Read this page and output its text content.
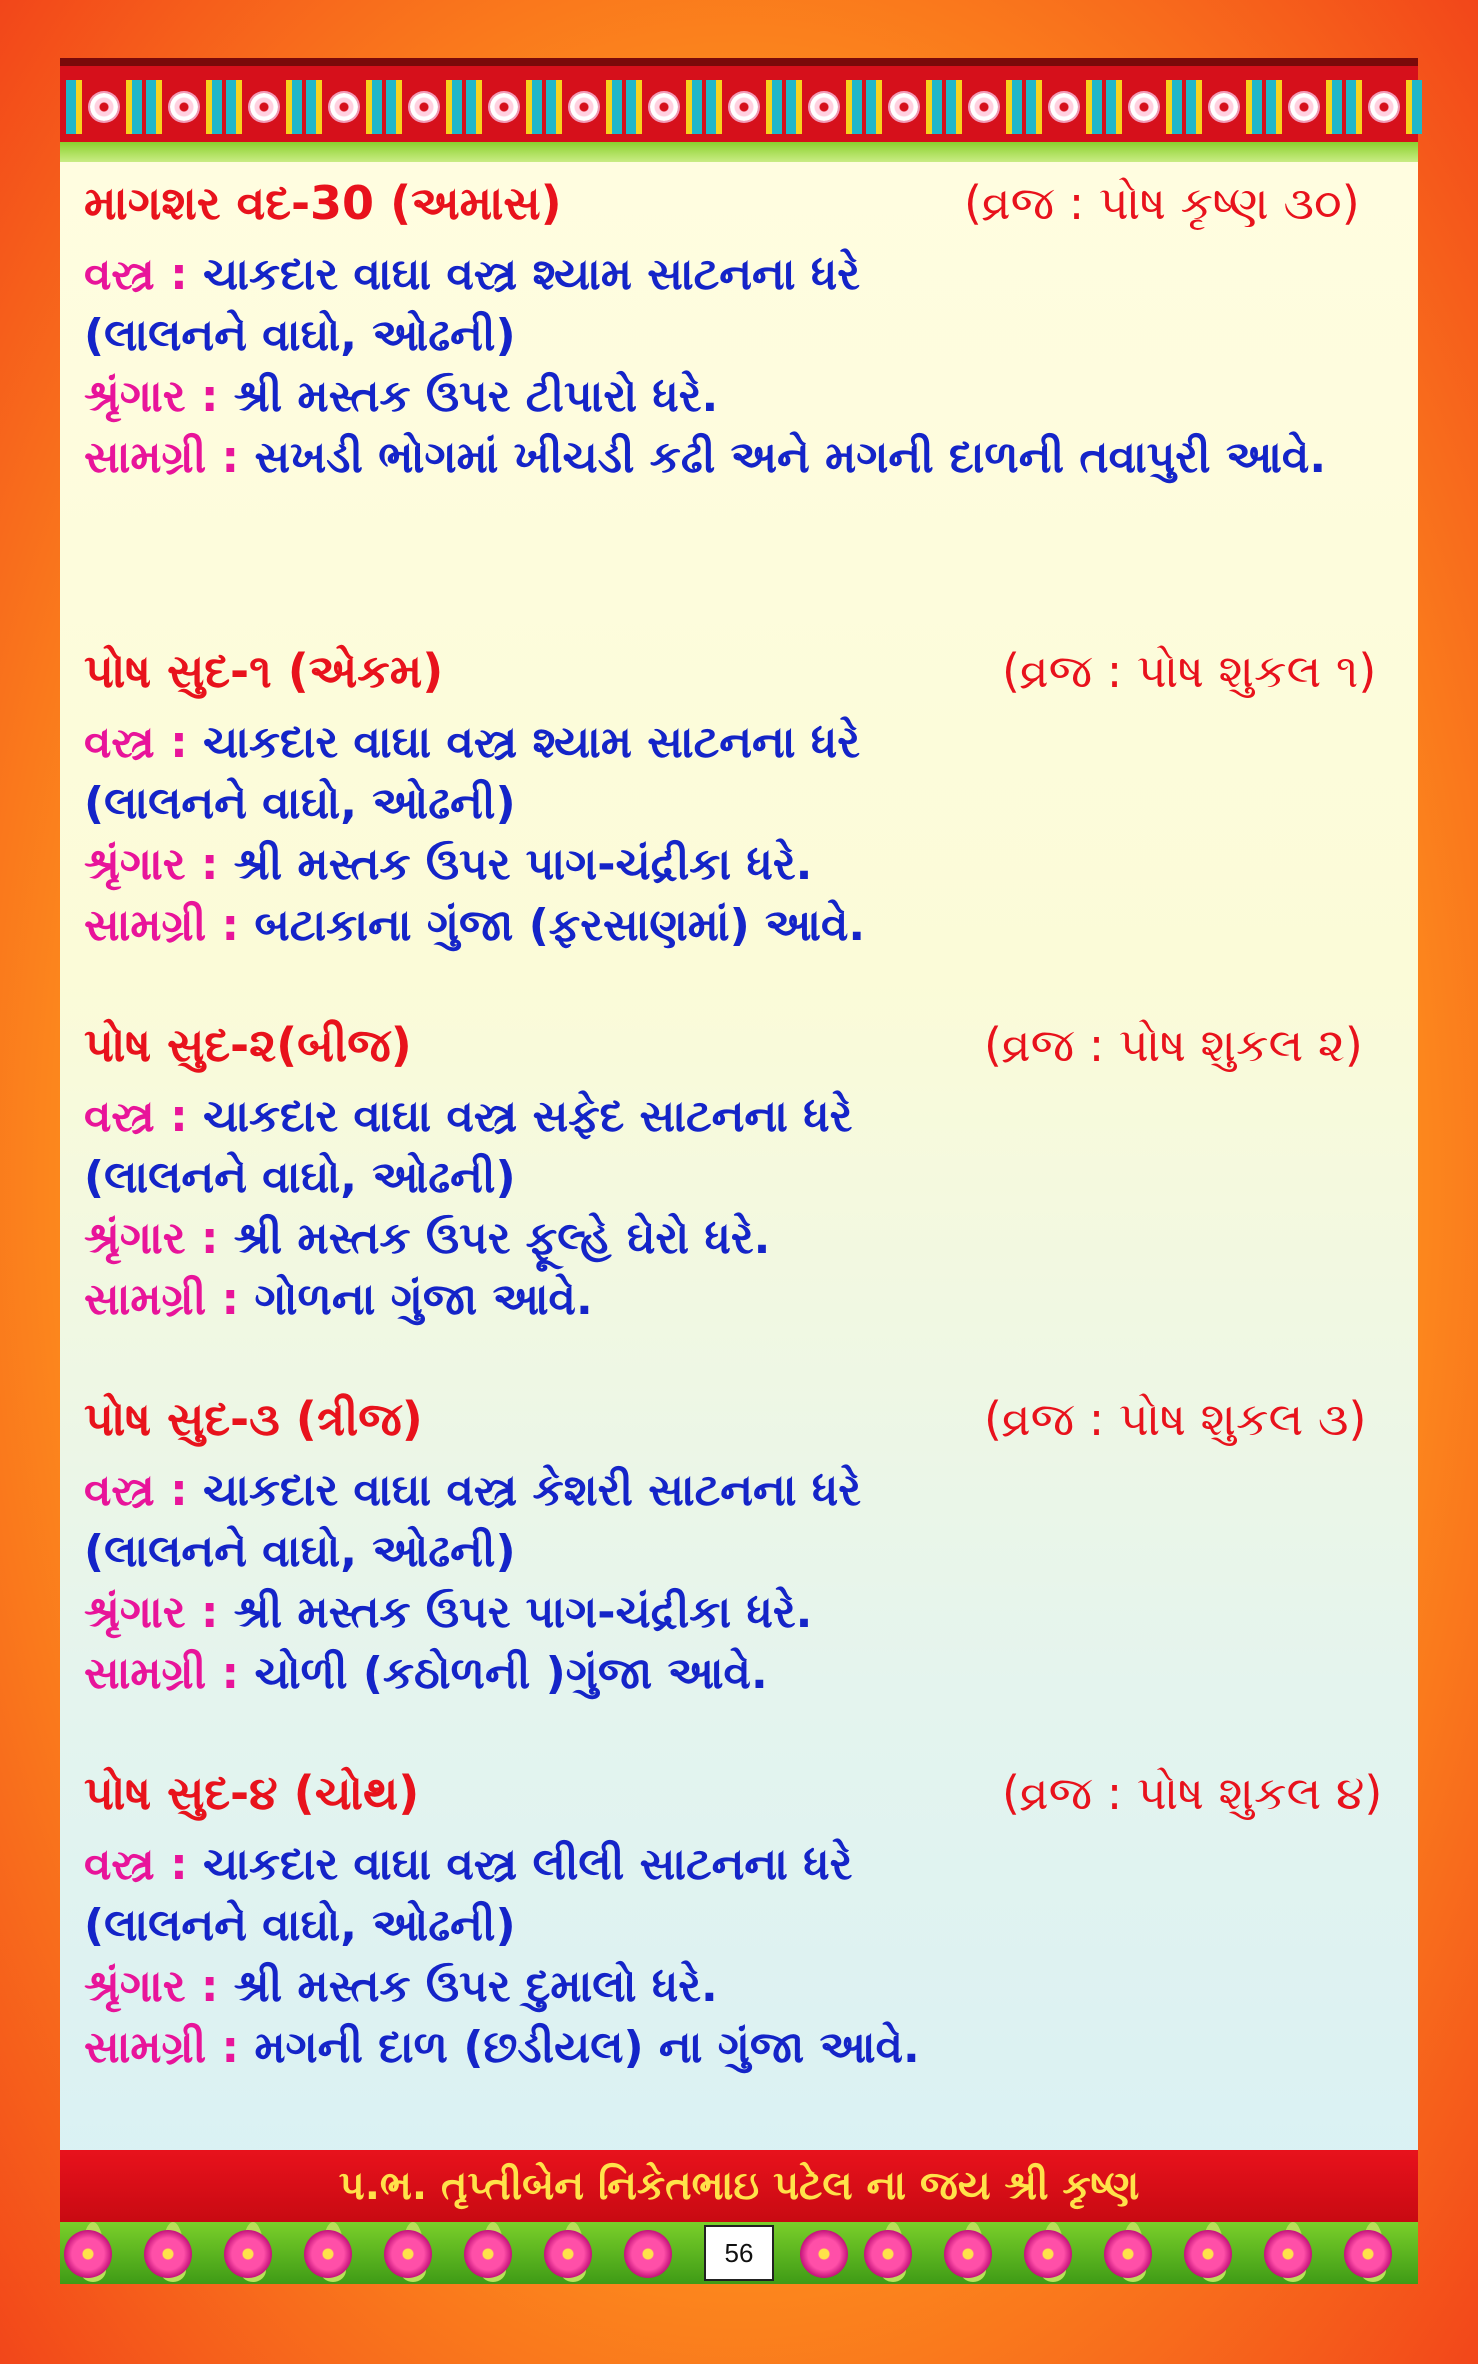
માગશર વદ-30 (અમાસ)	(વ્રજ : પોષ કૃષ્ણ ૩૦)
વસ્ત્ર : ચાકદાર વાઘા વસ્ત્ર શ્યામ સાટનના ધરે
(લાલનને વાઘો, ઓઢની)
શ્રૃંગાર : શ્રી મસ્તક ઉપર ટીપારો ધરે.
સામગ્રી : સખડી ભોગમાં ખીચડી કઢી અને મગની દાળની તવાપુરી આવે.
પોષ સુદ-૧ (એકમ)	(વ્રજ : પોષ શુકલ ૧)
વસ્ત્ર : ચાકદાર વાઘા વસ્ત્ર શ્યામ સાટનના ધરે
(લાલનને વાઘો, ઓઢની)
શ્રૃંગાર : શ્રી મસ્તક ઉપર પાગ-ચંદ્રીકા ધરે.
સામગ્રી : બટાકાના ગુંજા (ફરસાણમાં) આવે.
પોષ સુદ-૨(બીજ)	(વ્રજ : પોષ શુકલ ૨)
વસ્ત્ર : ચાકદાર વાઘા વસ્ત્ર સફેદ સાટનના ધરે
(લાલનને વાઘો, ઓઢની)
શ્રૃંગાર : શ્રી મસ્તક ઉપર ફૂલ્હે ઘેરો ધરે.
સામગ્રી : ગોળના ગુંજા આવે.
પોષ સુદ-૩ (ત્રીજ)	(વ્રજ : પોષ શુકલ ૩)
વસ્ત્ર : ચાકદાર વાઘા વસ્ત્ર કેશરી સાટનના ધરે
(લાલનને વાઘો, ઓઢની)
શ્રૃંગાર : શ્રી મસ્તક ઉપર પાગ-ચંદ્રીકા ધરે.
સામગ્રી : ચોળી (કઠોળની )ગુંજા આવે.
પોષ સુદ-૪ (ચોથ)	(વ્રજ : પોષ શુકલ ૪)
વસ્ત્ર : ચાકદાર વાઘા વસ્ત્ર લીલી સાટનના ધરે
(લાલનને વાઘો, ઓઢની)
શ્રૃંગાર : શ્રી મસ્તક ઉપર દુમાલો ધરે.
સામગ્રી : મગની દાળ (છડીયલ) ના ગુંજા આવે.
પ.ભ. તૃપ્તીબેન નિકેતભાઇ પટેલ ના જય શ્રી કૃષ્ણ
56
